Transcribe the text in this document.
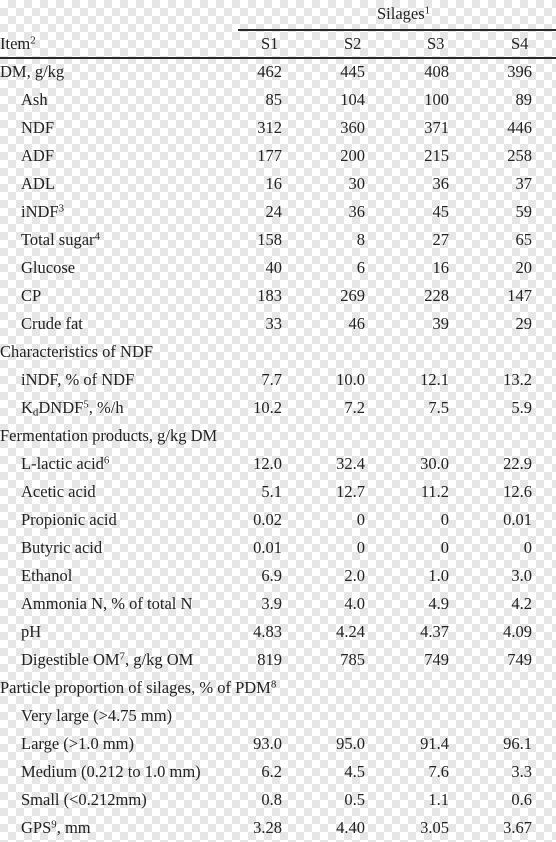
Silages$^1$
Item$^2$	S1	S2	S3	S4
DM, g/kg	462	445	408	396
Ash	85	104	100	89
NDF	312	360	371	446
ADF	177	200	215	258
ADL	16	30	36	37
iNDF$^3$	24	36	45	59
Total sugar$^4$	158	8	27	65
Glucose	40	6	16	20
CP	183	269	228	147
Crude fat	33	46	39	29
Characteristics of NDF
iNDF, % of NDF	7.7	10.0	12.1	13.2
$K_dDNDF^5$, %/h	10.2	7.2	7.5	5.9
Fermentation products, g/kg DM
L-lactic acid$^6$	12.0	32.4	30.0	22.9
Acetic acid	5.1	12.7	11.2	12.6
Propionic acid	0.02	0	0	0.01
Butyric acid	0.01	0	0	0
Ethanol	6.9	2.0	1.0	3.0
Ammonia N, % of total N	3.9	4.0	4.9	4.2
pH	4.83	4.24	4.37	4.09
Digestible $OM^7$, g/kg OM	819	785	749	749
Particle proportion of silages, % of PDM$^8$
Very large (>4.75 mm)
Large (>1.0 mm)	93.0	95.0	91.4	96.1
Medium (0.212 to 1.0 mm)	6.2	4.5	7.6	3.3
Small (<0.212mm)	0.8	0.5	1.1	0.6
GPS$^9$, mm	3.28	4.40	3.05	3.67
